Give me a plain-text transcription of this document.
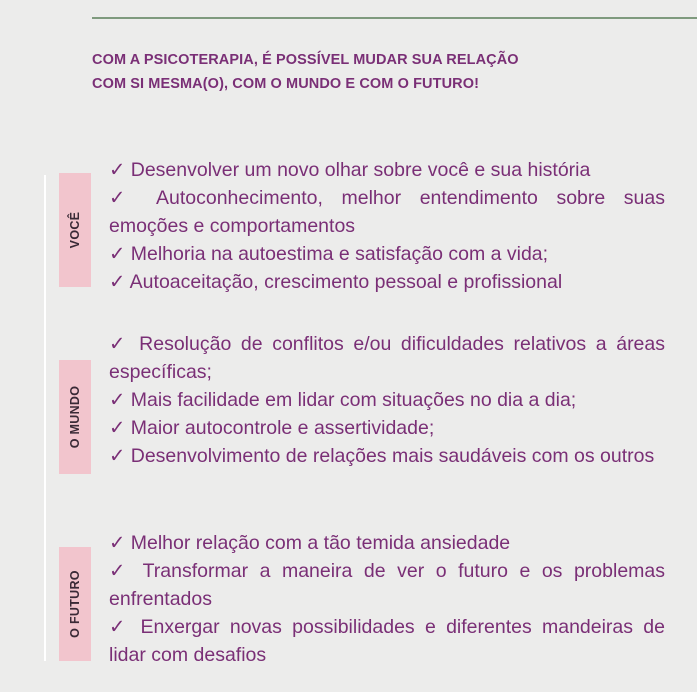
COM A PSICOTERAPIA, É POSSÍVEL MUDAR SUA RELAÇÃO
COM SI MESMA(O), COM O MUNDO E COM O FUTURO!
VOCÊ
O MUNDO
O FUTURO

✓ Desenvolver um novo olhar sobre você e sua história

✓ Autoconhecimento, melhor entendimento sobre suas emoções e comportamentos

✓ Melhoria na autoestima e satisfação com a vida;

✓ Autoaceitação, crescimento pessoal e profissional

✓ Resolução de conflitos e/ou dificuldades relativos a áreas específicas;

✓ Mais facilidade em lidar com situações no dia a dia;

✓ Maior autocontrole e assertividade;

✓ Desenvolvimento de relações mais saudáveis com os outros

✓ Melhor relação com a tão temida ansiedade

✓ Transformar a maneira de ver o futuro e os problemas enfrentados

✓ Enxergar novas possibilidades e diferentes mandeiras de lidar com desafios
